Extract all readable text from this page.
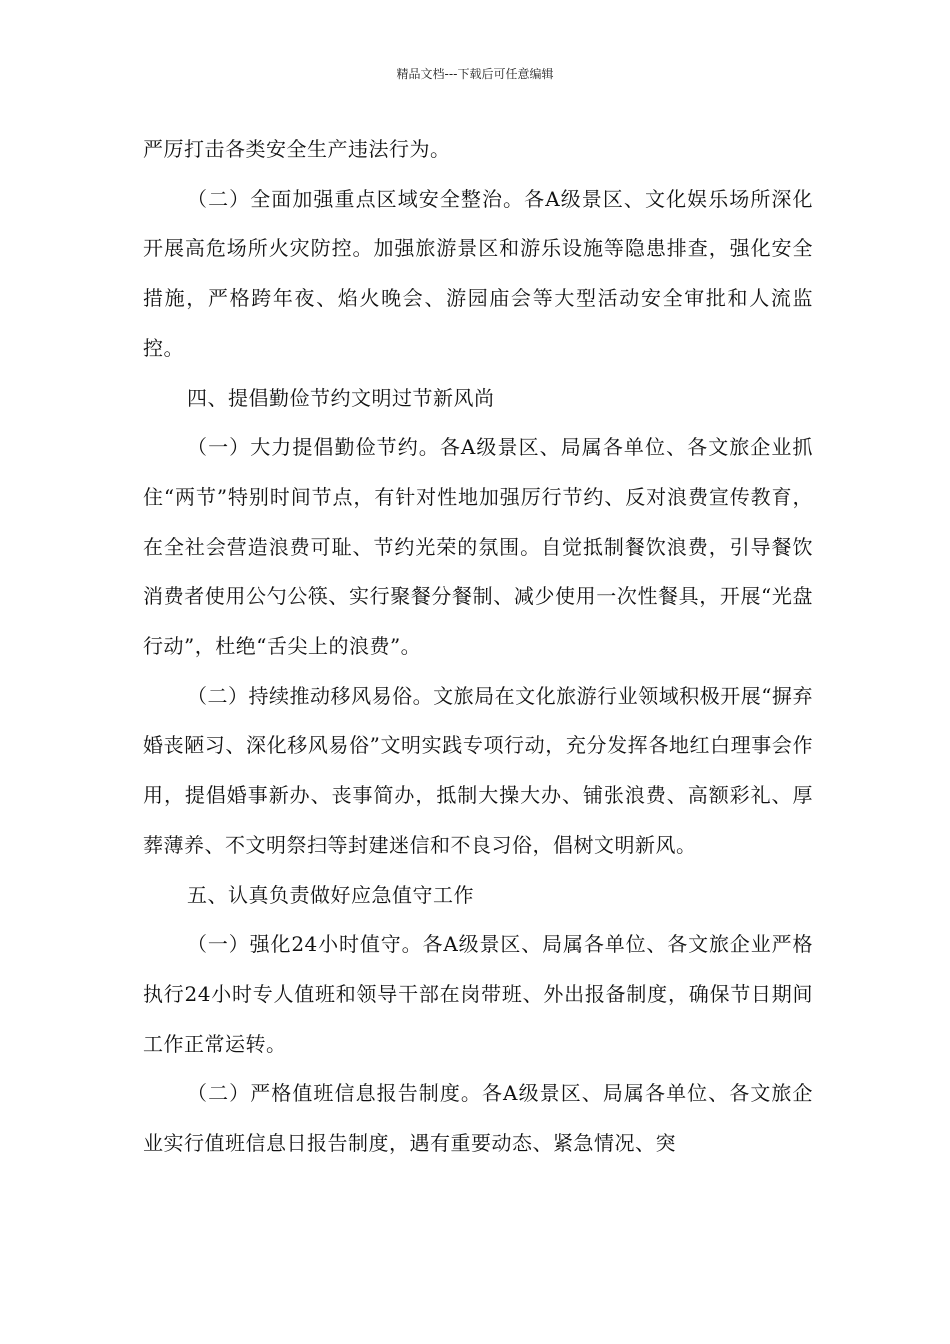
精品文档---下载后可任意编辑

严厉打击各类安全生产违法行为。

（二）全面加强重点区域安全整治。各A级景区、文化娱乐场所深化开展高危场所火灾防控。加强旅游景区和游乐设施等隐患排查，强化安全措施，严格跨年夜、焰火晚会、游园庙会等大型活动安全审批和人流监控。

四、提倡勤俭节约文明过节新风尚

（一）大力提倡勤俭节约。各A级景区、局属各单位、各文旅企业抓住“两节”特别时间节点，有针对性地加强厉行节约、反对浪费宣传教育，在全社会营造浪费可耻、节约光荣的氛围。自觉抵制餐饮浪费，引导餐饮消费者使用公勺公筷、实行聚餐分餐制、减少使用一次性餐具，开展“光盘行动”，杜绝“舌尖上的浪费”。

（二）持续推动移风易俗。文旅局在文化旅游行业领域积极开展“摒弃婚丧陋习、深化移风易俗”文明实践专项行动，充分发挥各地红白理事会作用，提倡婚事新办、丧事简办，抵制大操大办、铺张浪费、高额彩礼、厚葬薄养、不文明祭扫等封建迷信和不良习俗，倡树文明新风。

五、认真负责做好应急值守工作

（一）强化24小时值守。各A级景区、局属各单位、各文旅企业严格执行24小时专人值班和领导干部在岗带班、外出报备制度，确保节日期间工作正常运转。

（二）严格值班信息报告制度。各A级景区、局属各单位、各文旅企业实行值班信息日报告制度，遇有重要动态、紧急情况、突
